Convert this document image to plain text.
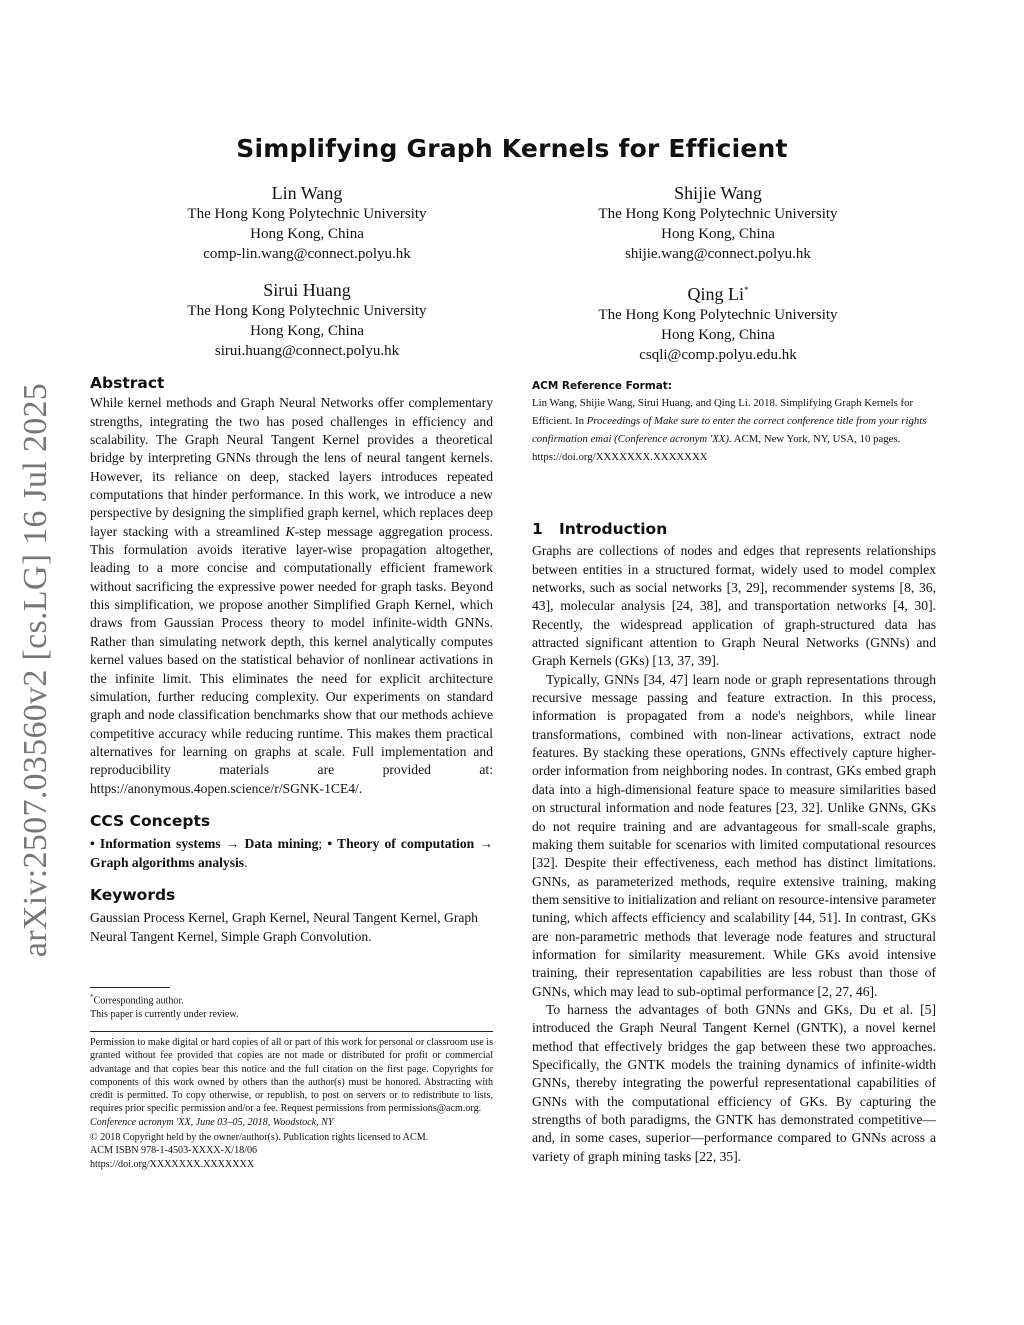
arXiv:2507.03560v2 [cs.LG] 16 Jul 2025
Simplifying Graph Kernels for Efficient
Lin Wang
The Hong Kong Polytechnic University
Hong Kong, China
comp-lin.wang@connect.polyu.hk
Shijie Wang
The Hong Kong Polytechnic University
Hong Kong, China
shijie.wang@connect.polyu.hk
Sirui Huang
The Hong Kong Polytechnic University
Hong Kong, China
sirui.huang@connect.polyu.hk
Qing Li*
The Hong Kong Polytechnic University
Hong Kong, China
csqli@comp.polyu.edu.hk
Abstract

While kernel methods and Graph Neural Networks offer complementary strengths, integrating the two has posed challenges in efficiency and scalability. The Graph Neural Tangent Kernel provides a theoretical bridge by interpreting GNNs through the lens of neural tangent kernels. However, its reliance on deep, stacked layers introduces repeated computations that hinder performance. In this work, we introduce a new perspective by designing the simplified graph kernel, which replaces deep layer stacking with a streamlined K-step message aggregation process. This formulation avoids iterative layer-wise propagation altogether, leading to a more concise and computationally efficient framework without sacrificing the expressive power needed for graph tasks. Beyond this simplification, we propose another Simplified Graph Kernel, which draws from Gaussian Process theory to model infinite-width GNNs. Rather than simulating network depth, this kernel analytically computes kernel values based on the statistical behavior of nonlinear activations in the infinite limit. This eliminates the need for explicit architecture simulation, further reducing complexity. Our experiments on standard graph and node classification benchmarks show that our methods achieve competitive accuracy while reducing runtime. This makes them practical alternatives for learning on graphs at scale. Full implementation and reproducibility materials are provided at: https://anonymous.4open.science/r/SGNK-1CE4/.

CCS Concepts

• Information systems → Data mining; • Theory of computation → Graph algorithms analysis.

Keywords

Gaussian Process Kernel, Graph Kernel, Neural Tangent Kernel, Graph Neural Tangent Kernel, Simple Graph Convolution.

*Corresponding author.
This paper is currently under review.
Permission to make digital or hard copies of all or part of this work for personal or classroom use is granted without fee provided that copies are not made or distributed for profit or commercial advantage and that copies bear this notice and the full citation on the first page. Copyrights for components of this work owned by others than the author(s) must be honored. Abstracting with credit is permitted. To copy otherwise, or republish, to post on servers or to redistribute to lists, requires prior specific permission and/or a fee. Request permissions from permissions@acm.org.
Conference acronym 'XX, June 03–05, 2018, Woodstock, NY
© 2018 Copyright held by the owner/author(s). Publication rights licensed to ACM.
ACM ISBN 978-1-4503-XXXX-X/18/06
https://doi.org/XXXXXXX.XXXXXXX
ACM Reference Format:
Lin Wang, Shijie Wang, Sirui Huang, and Qing Li. 2018. Simplifying Graph Kernels for Efficient. In Proceedings of Make sure to enter the correct conference title from your rights confirmation emai (Conference acronym 'XX). ACM, New York, NY, USA, 10 pages. https://doi.org/XXXXXXX.XXXXXXX
1 Introduction

Graphs are collections of nodes and edges that represents relationships between entities in a structured format, widely used to model complex networks, such as social networks [3, 29], recommender systems [8, 36, 43], molecular analysis [24, 38], and transportation networks [4, 30]. Recently, the widespread application of graph-structured data has attracted significant attention to Graph Neural Networks (GNNs) and Graph Kernels (GKs) [13, 37, 39].

Typically, GNNs [34, 47] learn node or graph representations through recursive message passing and feature extraction. In this process, information is propagated from a node's neighbors, while linear transformations, combined with non-linear activations, extract node features. By stacking these operations, GNNs effectively capture higher-order information from neighboring nodes. In contrast, GKs embed graph data into a high-dimensional feature space to measure similarities based on structural information and node features [23, 32]. Unlike GNNs, GKs do not require training and are advantageous for small-scale graphs, making them suitable for scenarios with limited computational resources [32]. Despite their effectiveness, each method has distinct limitations. GNNs, as parameterized methods, require extensive training, making them sensitive to initialization and reliant on resource-intensive parameter tuning, which affects efficiency and scalability [44, 51]. In contrast, GKs are non-parametric methods that leverage node features and structural information for similarity measurement. While GKs avoid intensive training, their representation capabilities are less robust than those of GNNs, which may lead to sub-optimal performance [2, 27, 46].

To harness the advantages of both GNNs and GKs, Du et al. [5] introduced the Graph Neural Tangent Kernel (GNTK), a novel kernel method that effectively bridges the gap between these two approaches. Specifically, the GNTK models the training dynamics of infinite-width GNNs, thereby integrating the powerful representational capabilities of GNNs with the computational efficiency of GKs. By capturing the strengths of both paradigms, the GNTK has demonstrated competitive—and, in some cases, superior—performance compared to GNNs across a variety of graph mining tasks [22, 35].
